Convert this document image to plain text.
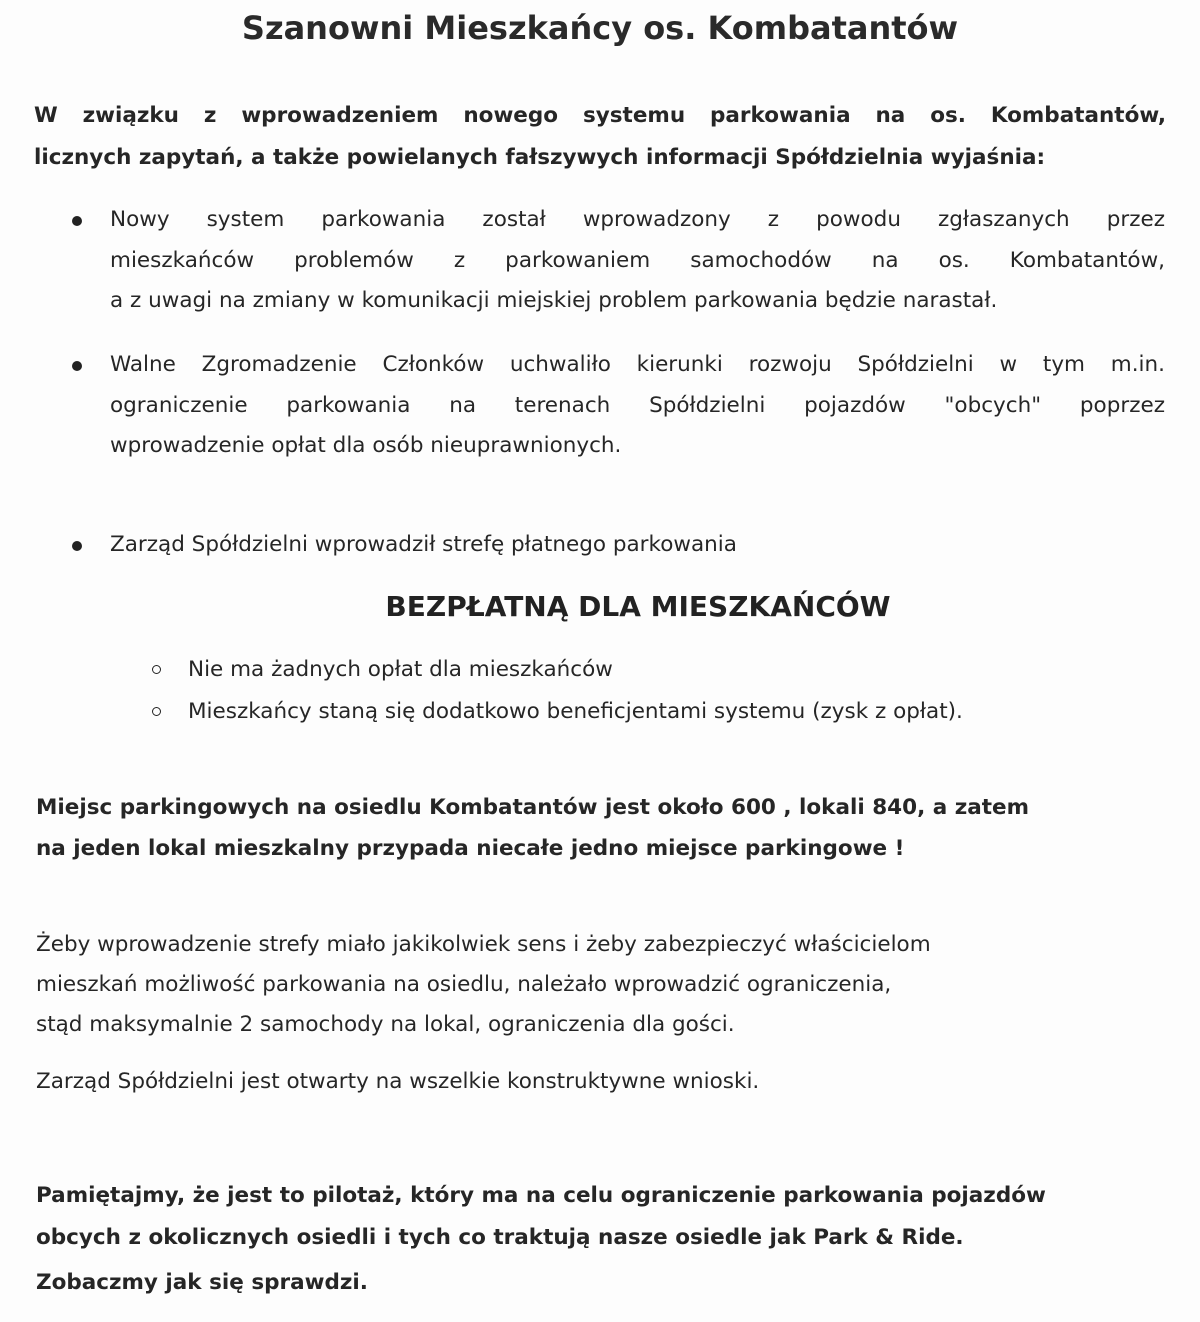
Szanowni Mieszkańcy os. Kombatantów

W związku z wprowadzeniem nowego systemu parkowania na os. Kombatantów,
licznych zapytań, a także powielanych fałszywych informacji Spółdzielnia wyjaśnia:

Nowy system parkowania został wprowadzony z powodu zgłaszanych przez
mieszkańców problemów z parkowaniem samochodów na os. Kombatantów,
a z uwagi na zmiany w komunikacji miejskiej problem parkowania będzie narastał.
Walne Zgromadzenie Członków uchwaliło kierunki rozwoju Spółdzielni w tym m.in.
ograniczenie parkowania na terenach Spółdzielni pojazdów "obcych" poprzez
wprowadzenie opłat dla osób nieuprawnionych.
Zarząd Spółdzielni wprowadził strefę płatnego parkowania
BEZPŁATNĄ DLA MIESZKAŃCÓW
Nie ma żadnych opłat dla mieszkańców
Mieszkańcy staną się dodatkowo beneficjentami systemu (zysk z opłat).

Miejsc parkingowych na osiedlu Kombatantów jest około 600 , lokali 840, a zatem
na jeden lokal mieszkalny przypada niecałe jedno miejsce parkingowe !

Żeby wprowadzenie strefy miało jakikolwiek sens i żeby zabezpieczyć właścicielom
mieszkań możliwość parkowania na osiedlu, należało wprowadzić ograniczenia,
stąd maksymalnie 2 samochody na lokal, ograniczenia dla gości.

Zarząd Spółdzielni jest otwarty na wszelkie konstruktywne wnioski.

Pamiętajmy, że jest to pilotaż, który ma na celu ograniczenie parkowania pojazdów
obcych z okolicznych osiedli i tych co traktują nasze osiedle jak Park & Ride.

Zobaczmy jak się sprawdzi.
